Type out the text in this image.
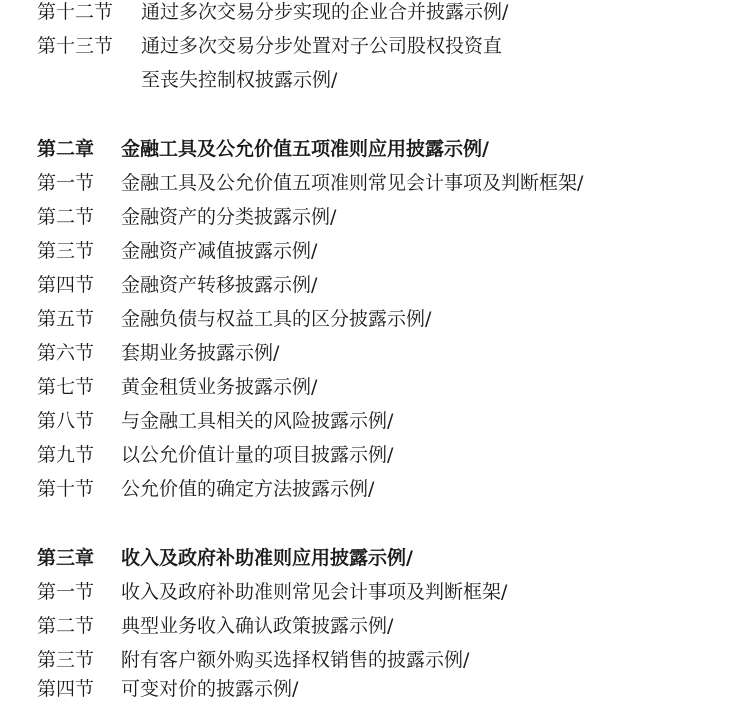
第十二节 通过多次交易分步实现的企业合并披露示例/
第十三节 通过多次交易分步处置对子公司股权投资直
至丧失控制权披露示例/
第二章 金融工具及公允价值五项准则应用披露示例/
第一节 金融工具及公允价值五项准则常见会计事项及判断框架/
第二节 金融资产的分类披露示例/
第三节 金融资产减值披露示例/
第四节 金融资产转移披露示例/
第五节 金融负债与权益工具的区分披露示例/
第六节 套期业务披露示例/
第七节 黄金租赁业务披露示例/
第八节 与金融工具相关的风险披露示例/
第九节 以公允价值计量的项目披露示例/
第十节 公允价值的确定方法披露示例/
第三章 收入及政府补助准则应用披露示例/
第一节 收入及政府补助准则常见会计事项及判断框架/
第二节 典型业务收入确认政策披露示例/
第三节 附有客户额外购买选择权销售的披露示例/
第四节 可变对价的披露示例/
